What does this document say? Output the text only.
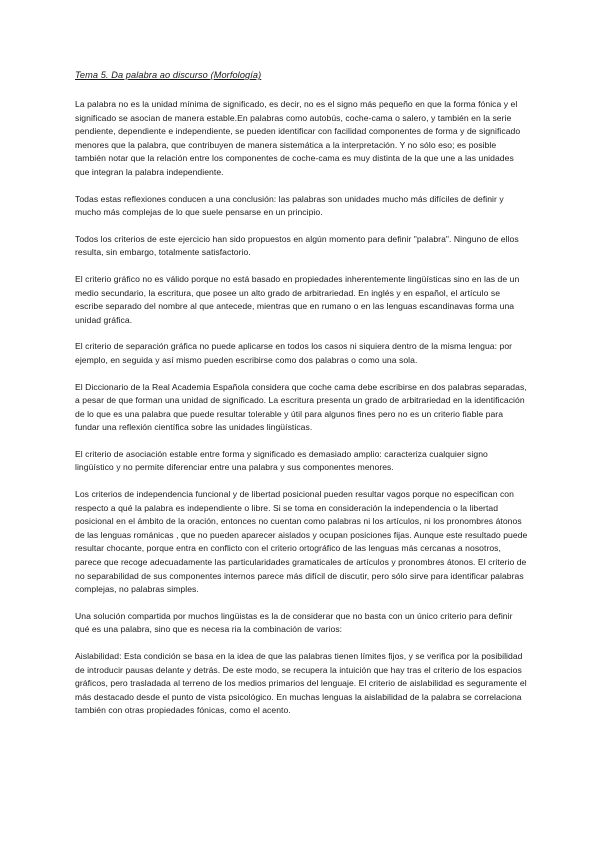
Tema 5. Da palabra ao discurso (Morfología)

La palabra no es la unidad mínima de significado, es decir, no es el signo más pequeño en que la forma fónica y el significado se asocian de manera estable.En palabras como autobús, coche-cama o salero, y también en la serie pendiente, dependiente e independiente, se pueden identificar con facilidad componentes de forma y de significado menores que la palabra, que contribuyen de manera sistemática a la interpretación. Y no sólo eso; es posible también notar que la relación entre los componentes de coche-cama es muy distinta de la que une a las unidades que integran la palabra independiente.

Todas estas reflexiones conducen a una conclusión: las palabras son unidades mucho más difíciles de definir y mucho más complejas de lo que suele pensarse en un principio.

Todos los criterios de este ejercicio han sido propuestos en algún momento para definir "palabra". Ninguno de ellos resulta, sin embargo, totalmente satisfactorio.

El criterio gráfico no es válido porque no está basado en propiedades inherentemente lingüísticas sino en las de un medio secundario, la escritura, que posee un alto grado de arbitrariedad. En inglés y en español, el artículo se escribe separado del nombre al que antecede, mientras que en rumano o en las lenguas escandinavas forma una unidad gráfica.

El criterio de separación gráfica no puede aplicarse en todos los casos ni siquiera dentro de la misma lengua: por ejemplo, en seguida y así mismo pueden escribirse como dos palabras o como una sola.

El Diccionario de la Real Academia Española considera que coche cama debe escribirse en dos palabras separadas, a pesar de que forman una unidad de significado. La escritura presenta un grado de arbitrariedad en la identificación de lo que es una palabra que puede resultar tolerable y útil para algunos fines pero no es un criterio fiable para fundar una reflexión científica sobre las unidades lingüísticas.

El criterio de asociación estable entre forma y significado es demasiado amplio: caracteriza cualquier signo lingüístico y no permite diferenciar entre una palabra y sus componentes menores.

Los criterios de independencia funcional y de libertad posicional pueden resultar vagos porque no especifican con respecto a qué la palabra es independiente o libre. Si se toma en consideración la independencia o la libertad posicional en el ámbito de la oración, entonces no cuentan como palabras ni los artículos, ni los pronombres átonos de las lenguas románicas , que no pueden aparecer aislados y ocupan posiciones fijas. Aunque este resultado puede resultar chocante, porque entra en conflicto con el criterio ortográfico de las lenguas más cercanas a nosotros, parece que recoge adecuadamente las particularidades gramaticales de artículos y pronombres átonos. El criterio de no separabilidad de sus componentes internos parece más difícil de discutir, pero sólo sirve para identificar palabras complejas, no palabras simples.

Una solución compartida por muchos lingüistas es la de considerar que no basta con un único criterio para definir qué es una palabra, sino que es necesa ria la combinación de varios:

Aislabilidad: Esta condición se basa en la idea de que las palabras tienen límites fijos, y se verifica por la posibilidad de introducir pausas delante y detrás. De este modo, se recupera la intuición que hay tras el criterio de los espacios gráficos, pero trasladada al terreno de los medios primarios del lenguaje. El criterio de aislabilidad es seguramente el más destacado desde el punto de vista psicológico. En muchas lenguas la aislabilidad de la palabra se correlaciona también con otras propiedades fónicas, como el acento.
